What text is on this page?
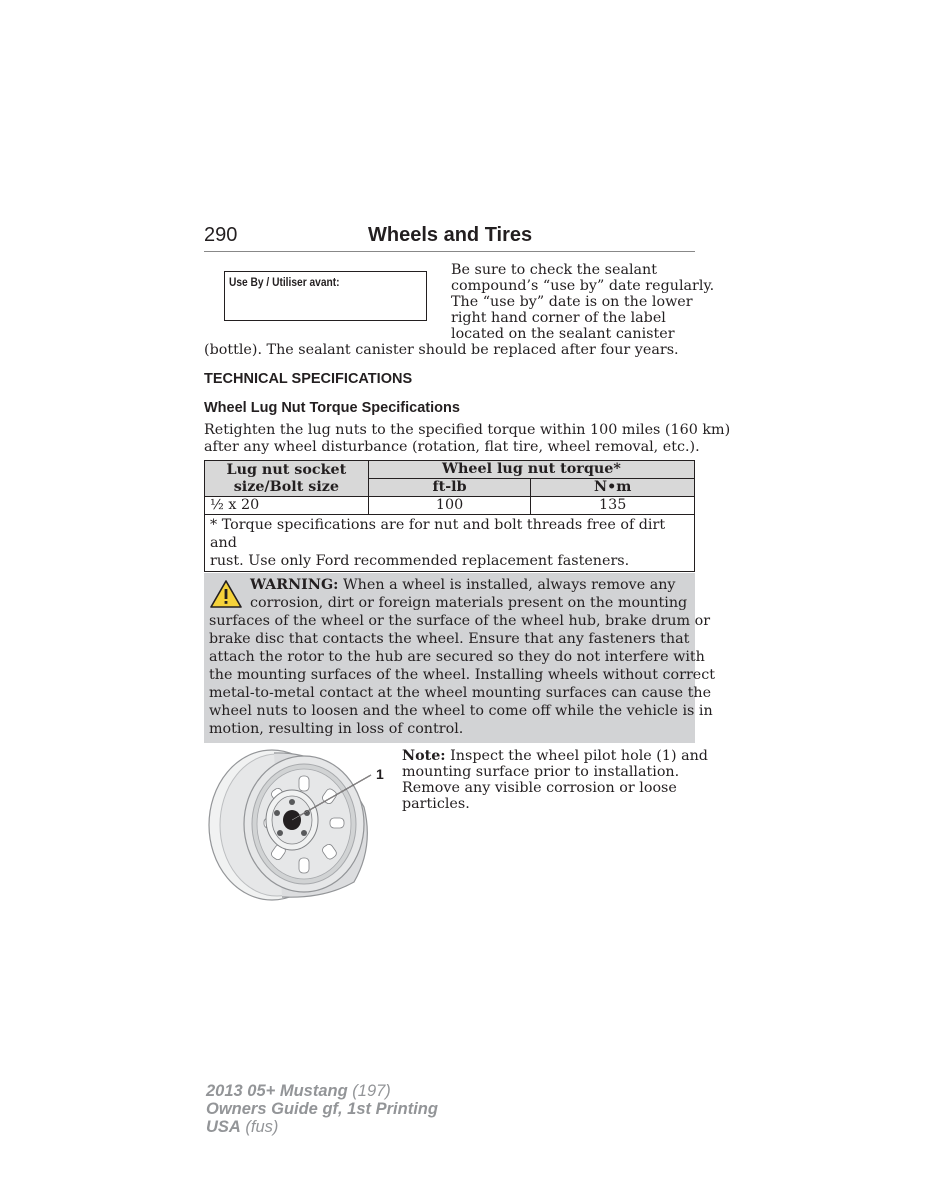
290	Wheels and Tires
Use By / Utiliser avant:
Be sure to check the sealant
compound’s “use by” date regularly.
The “use by” date is on the lower
right hand corner of the label
located on the sealant canister
(bottle). The sealant canister should be replaced after four years.
TECHNICAL SPECIFICATIONS
Wheel Lug Nut Torque Specifications
Retighten the lug nuts to the specified torque within 100 miles (160 km)
after any wheel disturbance (rotation, flat tire, wheel removal, etc.).
Lug nut socket
size/Bolt size	Wheel lug nut torque*	
	ft-lb	N•m
½ x 20	100	135

* Torque specifications are for nut and bolt threads free of dirt and
rust. Use only Ford recommended replacement fasteners.		
WARNING: When a wheel is installed, always remove any
corrosion, dirt or foreign materials present on the mounting
surfaces of the wheel or the surface of the wheel hub, brake drum or
brake disc that contacts the wheel. Ensure that any fasteners that
attach the rotor to the hub are secured so they do not interfere with
the mounting surfaces of the wheel. Installing wheels without correct
metal-to-metal contact at the wheel mounting surfaces can cause the
wheel nuts to loosen and the wheel to come off while the vehicle is in
motion, resulting in loss of control.
1
Note: Inspect the wheel pilot hole (1) and
mounting surface prior to installation.
Remove any visible corrosion or loose
particles.
2013 05+ Mustang (197)
Owners Guide gf, 1st Printing
USA (fus)
